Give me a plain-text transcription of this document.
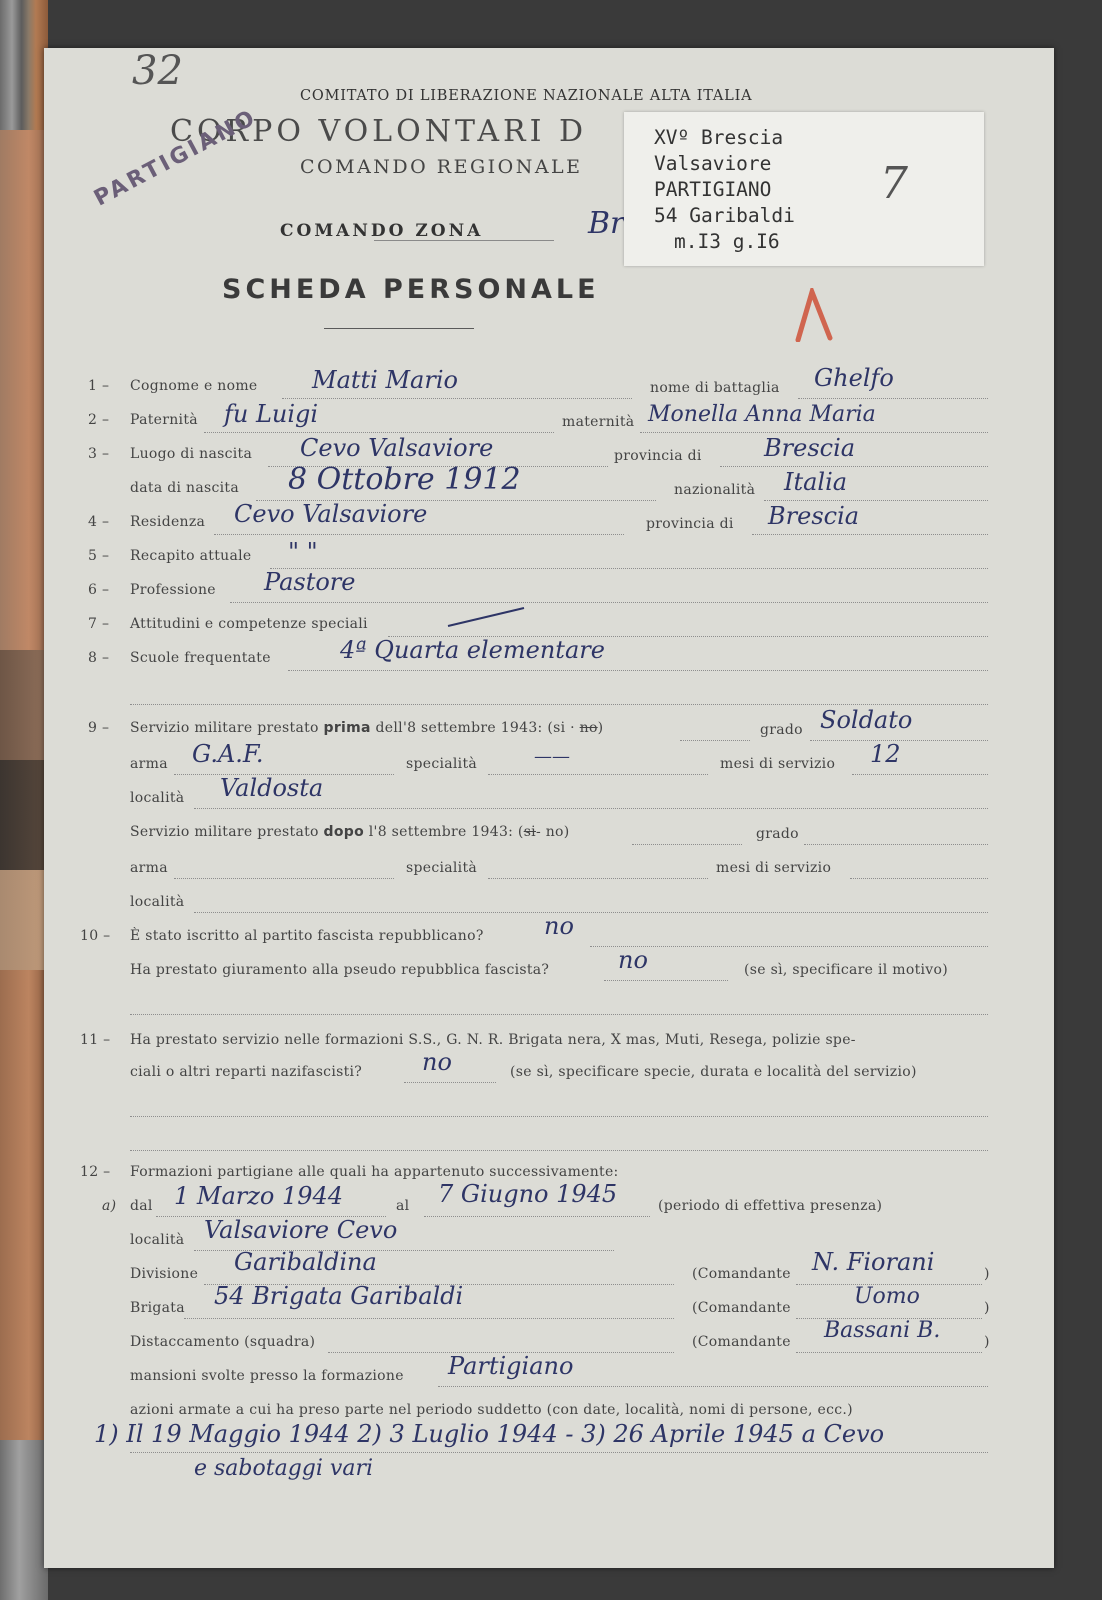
32
COMITATO DI LIBERAZIONE NAZIONALE ALTA ITALIA
CORPO VOLONTARI D
COMANDO REGIONALE
COMANDO ZONA	Br
SCHEDA PERSONALE
PARTIGIANO	XVº Brescia
Valsaviore
PARTIGIANO
54 Garibaldi
m.I3 g.I6
7
1 – Cognome e nome Matti Mario	nome di battaglia Ghelfo
2 – Paternità fu Luigi	maternità Monella Anna Maria
3 – Luogo di nascita Cevo Valsaviore	provincia di	Brescia
data di nascita 8 Ottobre 1912	nazionalità Italia
4 – Residenza Cevo Valsaviore	provincia di Brescia
5 – Recapito attuale " "
6 – Professione Pastore
7 – Attitudini e competenze speciali
8 – Scuole frequentate	4ª Quarta elementare
9 – Servizio militare prestato prima dell'8 settembre 1943: (si · no)	grado Soldato
arma G.A.F.	specialità	——	mesi di servizio 12
località Valdosta
Servizio militare prestato dopo l'8 settembre 1943: (si- no)	grado
arma	specialità	mesi di servizio
località
10 – È stato iscritto al partito fascista repubblicano?	no
Ha prestato giuramento alla pseudo repubblica fascista?	no	(se sì, specificare il motivo)
11 – Ha prestato servizio nelle formazioni S.S., G. N. R. Brigata nera, X mas, Muti, Resega, polizie spe-
ciali o altri reparti nazifascisti? no	(se sì, specificare specie, durata e località del servizio)
12 – Formazioni partigiane alle quali ha appartenuto successivamente:
a) dal 1 Marzo 1944	al 7 Giugno 1945	(periodo di effettiva presenza)
località Valsaviore Cevo
Divisione Garibaldina	(Comandante N. Fiorani	)
Brigata 54 Brigata Garibaldi	(Comandante	Uomo	)
Distaccamento (squadra)	(Comandante Bassani B.	)
mansioni svolte presso la formazione Partigiano
azioni armate a cui ha preso parte nel periodo suddetto (con date, località, nomi di persone, ecc.)
1) Il 19 Maggio 1944 2) 3 Luglio 1944 - 3) 26 Aprile 1945 a Cevo
e sabotaggi vari
